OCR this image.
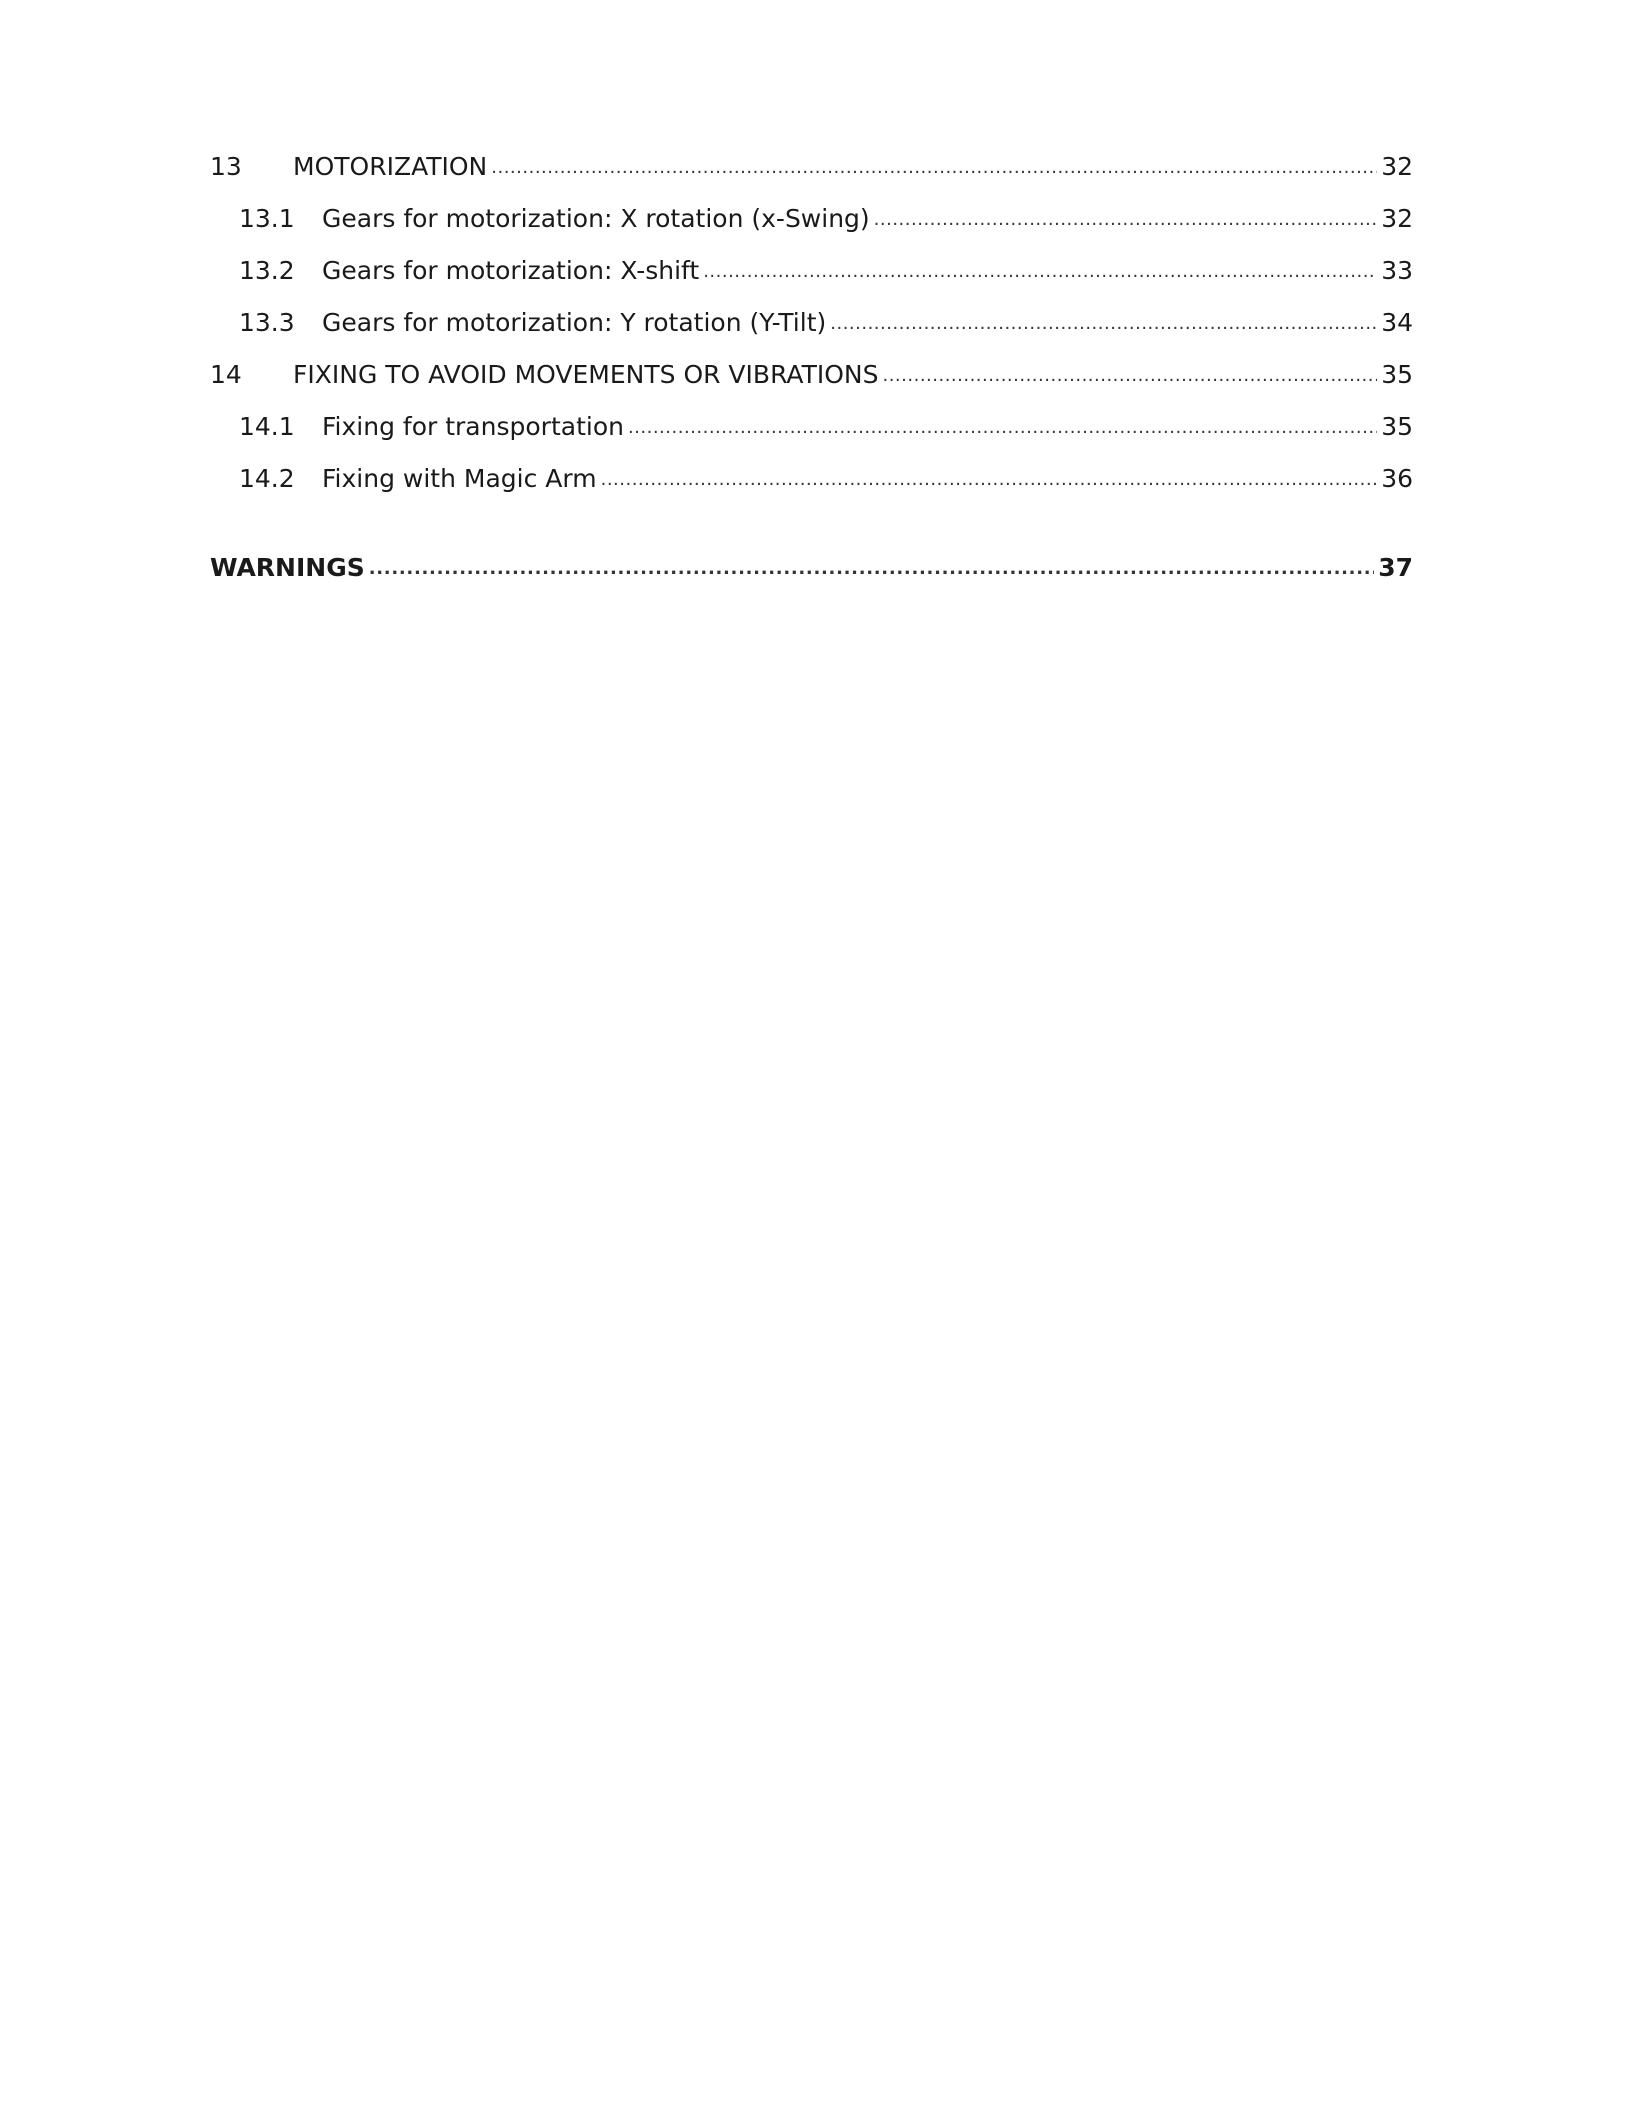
13	MOTORIZATION .....	32
13.1	Gears for motorization: X rotation (x-Swing) .....	32
13.2	Gears for motorization: X-shift .....	33
13.3	Gears for motorization: Y rotation (Y-Tilt) .....	34
14	FIXING TO AVOID MOVEMENTS OR VIBRATIONS .....	35
14.1	Fixing for transportation .....	35
14.2	Fixing with Magic Arm .....	36
WARNINGS .....	37
